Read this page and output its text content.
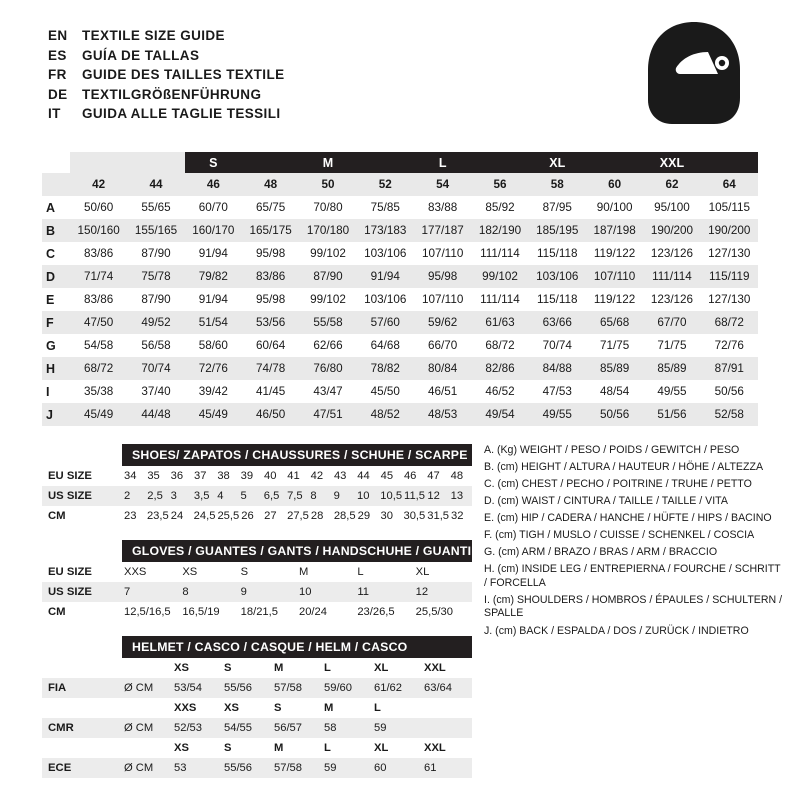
EN	TEXTILE SIZE GUIDE
ES	GUÍA DE TALLAS
FR	GUIDE DES TAILLES TEXTILE
DE	TEXTILGRÖßENFÜHRUNG
IT	GUIDA ALLE TAGLIE TESSILI
S	M	L	XL	XXL
42	44	46	48	50	52	54	56	58	60	62	64
A	50/60	55/65	60/70	65/75	70/80	75/85	83/88	85/92	87/95	90/100	95/100	105/115
B	150/160	155/165	160/170	165/175	170/180	173/183	177/187	182/190	185/195	187/198	190/200	190/200
C	83/86	87/90	91/94	95/98	99/102	103/106	107/110	111/114	115/118	119/122	123/126	127/130
D	71/74	75/78	79/82	83/86	87/90	91/94	95/98	99/102	103/106	107/110	111/114	115/119
E	83/86	87/90	91/94	95/98	99/102	103/106	107/110	111/114	115/118	119/122	123/126	127/130
F	47/50	49/52	51/54	53/56	55/58	57/60	59/62	61/63	63/66	65/68	67/70	68/72
G	54/58	56/58	58/60	60/64	62/66	64/68	66/70	68/72	70/74	71/75	71/75	72/76
H	68/72	70/74	72/76	74/78	76/80	78/82	80/84	82/86	84/88	85/89	85/89	87/91
I	35/38	37/40	39/42	41/45	43/47	45/50	46/51	46/52	47/53	48/54	49/55	50/56
J	45/49	44/48	45/49	46/50	47/51	48/52	48/53	49/54	49/55	50/56	51/56	52/58
SHOES/ ZAPATOS / CHAUSSURES / SCHUHE / SCARPE
EU SIZE	34 35 36 37 38 39 40 41 42 43 44 45 46 47 48
US SIZE	2	2,5 3	3,5 4	5	6,5 7,5 8	9	10 10,5 11,5 12 13
CM	23 23,5 24 24,5 25,5 26 27 27,5 28 28,5 29 30 30,5 31,5 32
GLOVES / GUANTES / GANTS / HANDSCHUHE / GUANTI
EU SIZE	XXS	XS	S	M	L	XL
US SIZE	7	8	9	10	11	12
CM	12,5/16,5	16,5/19	18/21,5	20/24	23/26,5	25,5/30
HELMET / CASCO / CASQUE / HELM / CASCO
XS	S	M	L	XL	XXL
FIA	Ø CM	53/54	55/56	57/58	59/60	61/62	63/64
XXS	XS	S	M	L
CMR	Ø CM	52/53	54/55	56/57	58	59
XS	S	M	L	XL	XXL
ECE	Ø CM	53	55/56	57/58	59	60	61

A. (Kg) WEIGHT / PESO / POIDS / GEWITCH / PESO

B. (cm) HEIGHT / ALTURA / HAUTEUR / HÖHE / ALTEZZA

C. (cm) CHEST / PECHO / POITRINE / TRUHE / PETTO

D. (cm) WAIST / CINTURA / TAILLE / TAILLE / VITA

E. (cm) HIP / CADERA / HANCHE / HÜFTE / HIPS / BACINO

F. (cm) TIGH / MUSLO / CUISSE / SCHENKEL / COSCIA

G. (cm) ARM / BRAZO / BRAS / ARM / BRACCIO

H. (cm) INSIDE LEG / ENTREPIERNA / FOURCHE / SCHRITT / FORCELLA

I. (cm) SHOULDERS / HOMBROS / ÉPAULES / SCHULTERN / SPALLE

J. (cm) BACK / ESPALDA / DOS / ZURÜCK / INDIETRO
